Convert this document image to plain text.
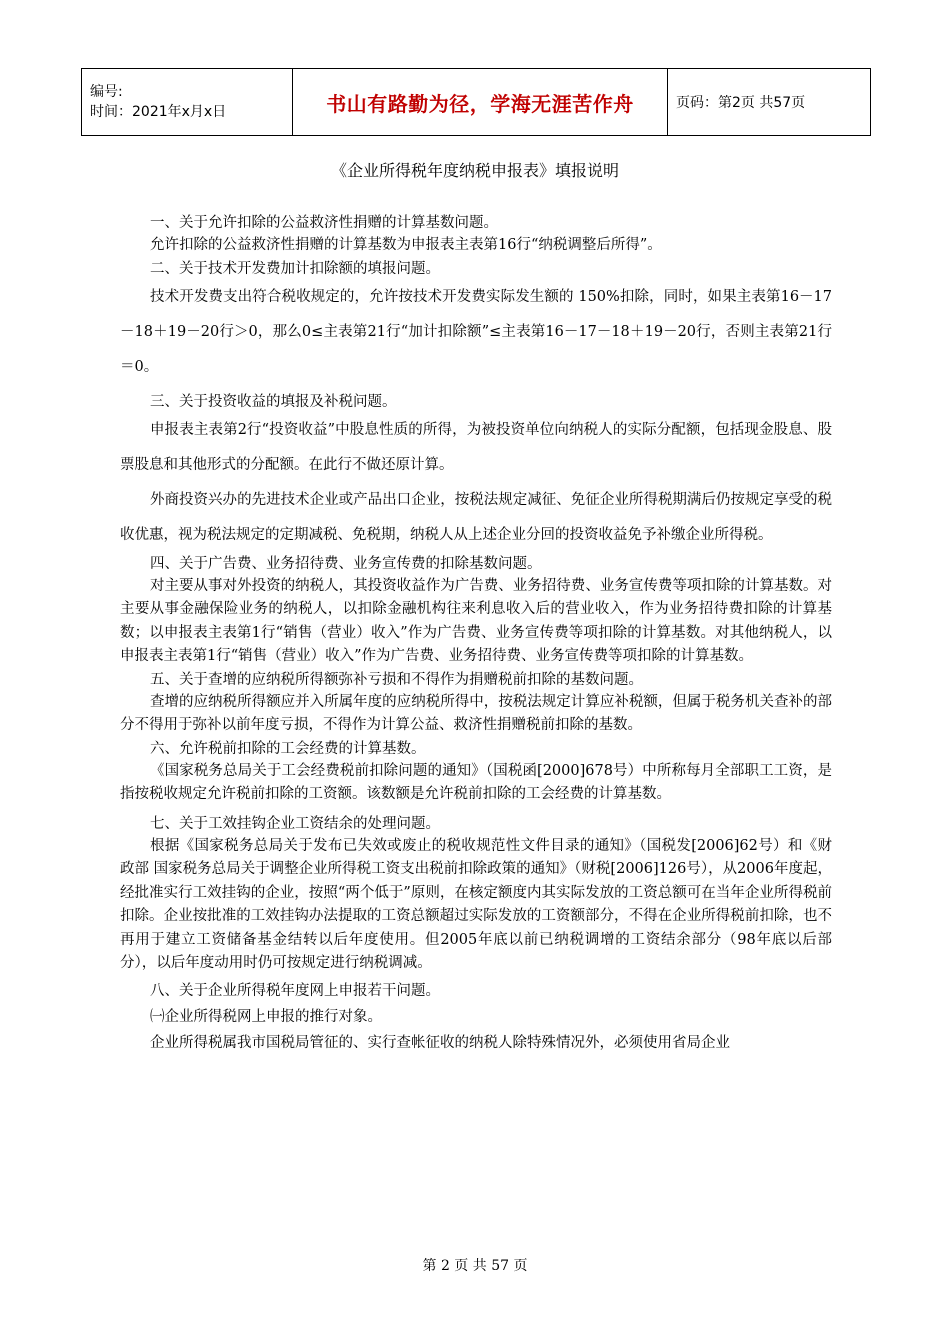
编号:
时间：2021年x月x日	书山有路勤为径，学海无涯苦作舟	页码：第2页 共57页
《企业所得税年度纳税申报表》填报说明

一、关于允许扣除的公益救济性捐赠的计算基数问题。

允许扣除的公益救济性捐赠的计算基数为申报表主表第16行“纳税调整后所得”。

二、关于技术开发费加计扣除额的填报问题。

技术开发费支出符合税收规定的，允许按技术开发费实际发生额的 150%扣除，同时，如果主表第16－17－18＋19－20行＞0，那么0≤主表第21行“加计扣除额”≤主表第16－17－18＋19－20行，否则主表第21行＝0。

三、关于投资收益的填报及补税问题。

申报表主表第2行“投资收益”中股息性质的所得，为被投资单位向纳税人的实际分配额，包括现金股息、股票股息和其他形式的分配额。在此行不做还原计算。

外商投资兴办的先进技术企业或产品出口企业，按税法规定减征、免征企业所得税期满后仍按规定享受的税收优惠，视为税法规定的定期减税、免税期，纳税人从上述企业分回的投资收益免予补缴企业所得税。

四、关于广告费、业务招待费、业务宣传费的扣除基数问题。

对主要从事对外投资的纳税人，其投资收益作为广告费、业务招待费、业务宣传费等项扣除的计算基数。对主要从事金融保险业务的纳税人，以扣除金融机构往来利息收入后的营业收入，作为业务招待费扣除的计算基数；以申报表主表第1行“销售（营业）收入”作为广告费、业务宣传费等项扣除的计算基数。对其他纳税人，以申报表主表第1行“销售（营业）收入”作为广告费、业务招待费、业务宣传费等项扣除的计算基数。

五、关于查增的应纳税所得额弥补亏损和不得作为捐赠税前扣除的基数问题。

查增的应纳税所得额应并入所属年度的应纳税所得中，按税法规定计算应补税额，但属于税务机关查补的部分不得用于弥补以前年度亏损，不得作为计算公益、救济性捐赠税前扣除的基数。

六、允许税前扣除的工会经费的计算基数。

《国家税务总局关于工会经费税前扣除问题的通知》（国税函[2000]678号）中所称每月全部职工工资，是指按税收规定允许税前扣除的工资额。该数额是允许税前扣除的工会经费的计算基数。

七、关于工效挂钩企业工资结余的处理问题。

根据《国家税务总局关于发布已失效或废止的税收规范性文件目录的通知》（国税发[2006]62号）和《财政部 国家税务总局关于调整企业所得税工资支出税前扣除政策的通知》（财税[2006]126号），从2006年度起，经批准实行工效挂钩的企业，按照“两个低于”原则，在核定额度内其实际发放的工资总额可在当年企业所得税前扣除。企业按批准的工效挂钩办法提取的工资总额超过实际发放的工资额部分，不得在企业所得税前扣除，也不再用于建立工资储备基金结转以后年度使用。但2005年底以前已纳税调增的工资结余部分（98年底以后部分），以后年度动用时仍可按规定进行纳税调减。

八、关于企业所得税年度网上申报若干问题。

㈠企业所得税网上申报的推行对象。

企业所得税属我市国税局管征的、实行查帐征收的纳税人除特殊情况外，必须使用省局企业

第 2 页 共 57 页
